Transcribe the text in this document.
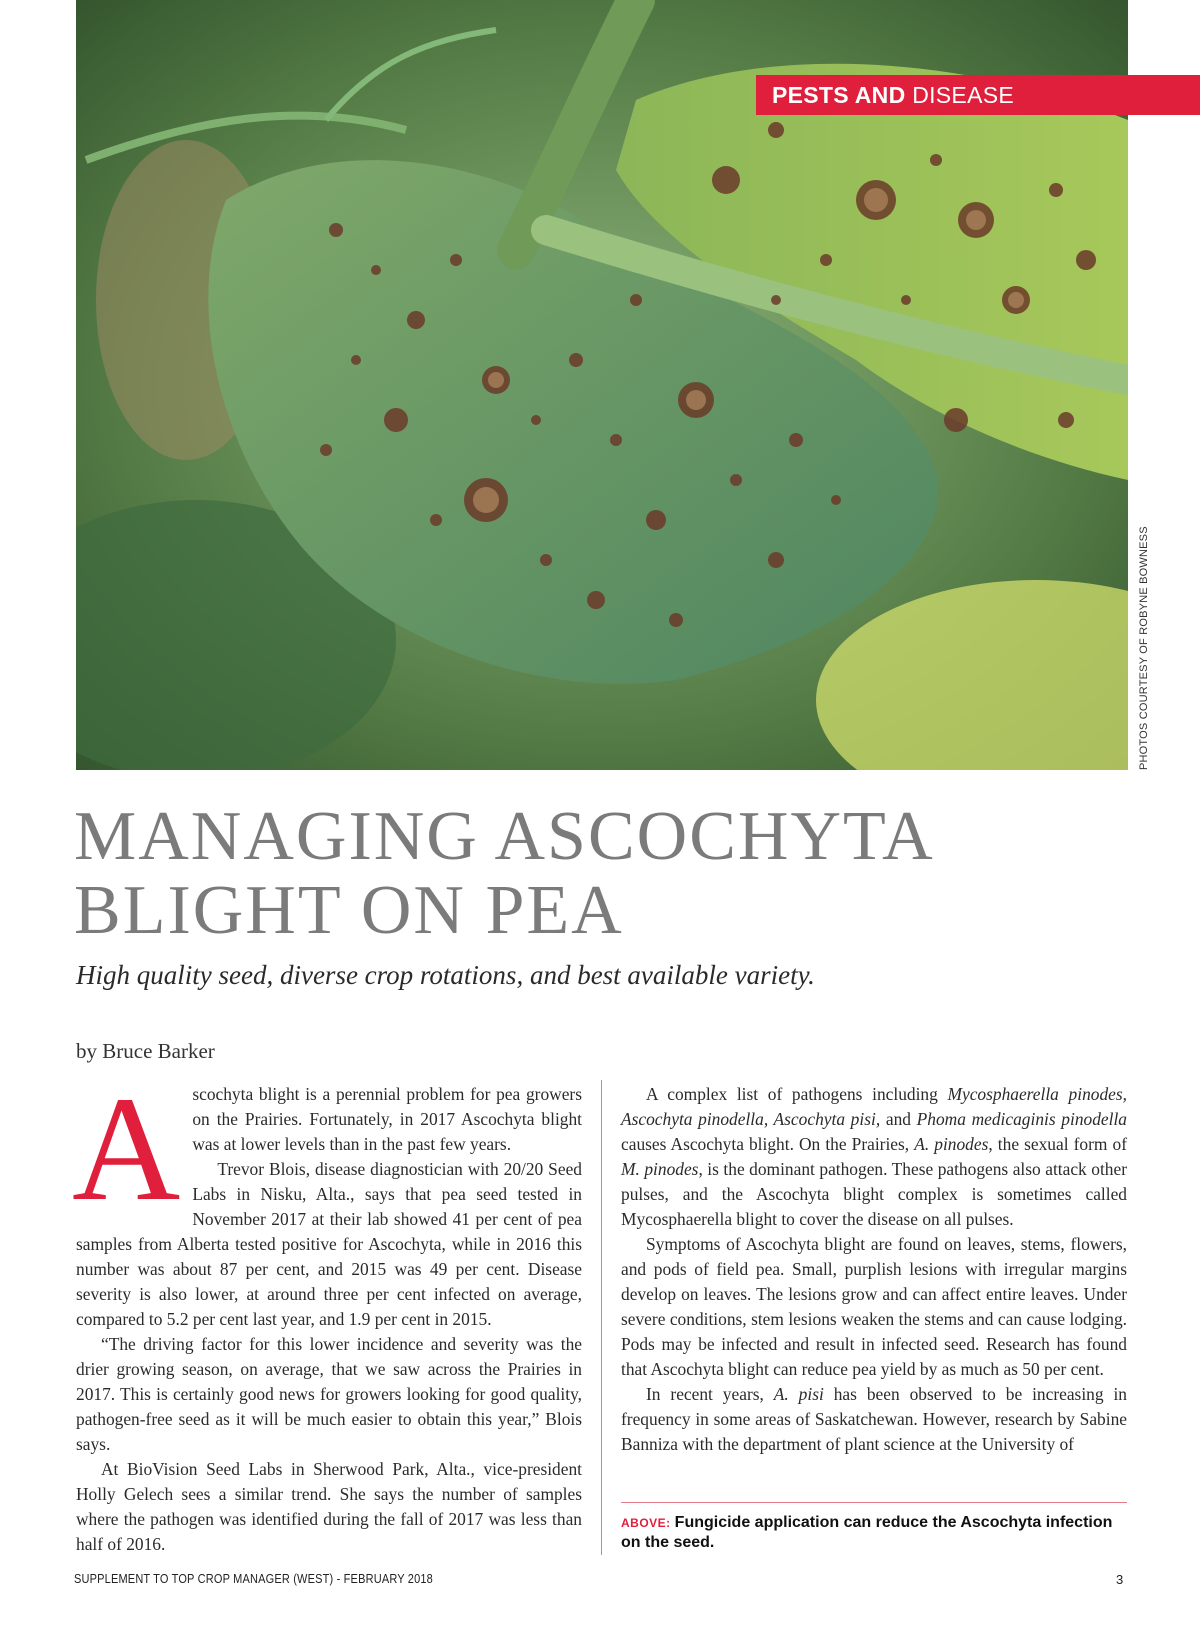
PESTS AND DISEASE
PHOTOS COURTESY OF ROBYNE BOWNESS
MANAGING ASCOCHYTA
BLIGHT ON PEA
High quality seed, diverse crop rotations, and best available variety.
by Bruce Barker
A scochyta blight is a perennial problem for pea growers on the Prairies. Fortunately, in 2017 Ascochyta blight was at lower levels than in the past few years.

Trevor Blois, disease diagnostician with 20/20 Seed Labs in Nisku, Alta., says that pea seed tested in November 2017 at their lab showed 41 per cent of pea samples from Alberta tested positive for Ascochyta, while in 2016 this number was about 87 per cent, and 2015 was 49 per cent. Disease severity is also lower, at around three per cent infected on average, compared to 5.2 per cent last year, and 1.9 per cent in 2015.

“The driving factor for this lower incidence and severity was the drier growing season, on average, that we saw across the Prairies in 2017. This is certainly good news for growers looking for good quality, pathogen-free seed as it will be much easier to obtain this year,” Blois says.

At BioVision Seed Labs in Sherwood Park, Alta., vice-president Holly Gelech sees a similar trend. She says the number of samples where the pathogen was identified during the fall of 2017 was less than half of 2016.

A complex list of pathogens including Mycosphaerella pinodes, Ascochyta pinodella, Ascochyta pisi, and Phoma medicaginis pinodella causes Ascochyta blight. On the Prairies, A. pinodes, the sexual form of M. pinodes, is the dominant pathogen. These pathogens also attack other pulses, and the Ascochyta blight complex is sometimes called Mycosphaerella blight to cover the disease on all pulses.

Symptoms of Ascochyta blight are found on leaves, stems, flowers, and pods of field pea. Small, purplish lesions with irregular margins develop on leaves. The lesions grow and can affect entire leaves. Under severe conditions, stem lesions weaken the stems and can cause lodging. Pods may be infected and result in infected seed. Research has found that Ascochyta blight can reduce pea yield by as much as 50 per cent.

In recent years, A. pisi has been observed to be increasing in frequency in some areas of Saskatchewan. However, research by Sabine Banniza with the department of plant science at the University of

ABOVE: Fungicide application can reduce the Ascochyta infection on the seed.
SUPPLEMENT TO TOP CROP MANAGER (WEST) - FEBRUARY 2018	3
